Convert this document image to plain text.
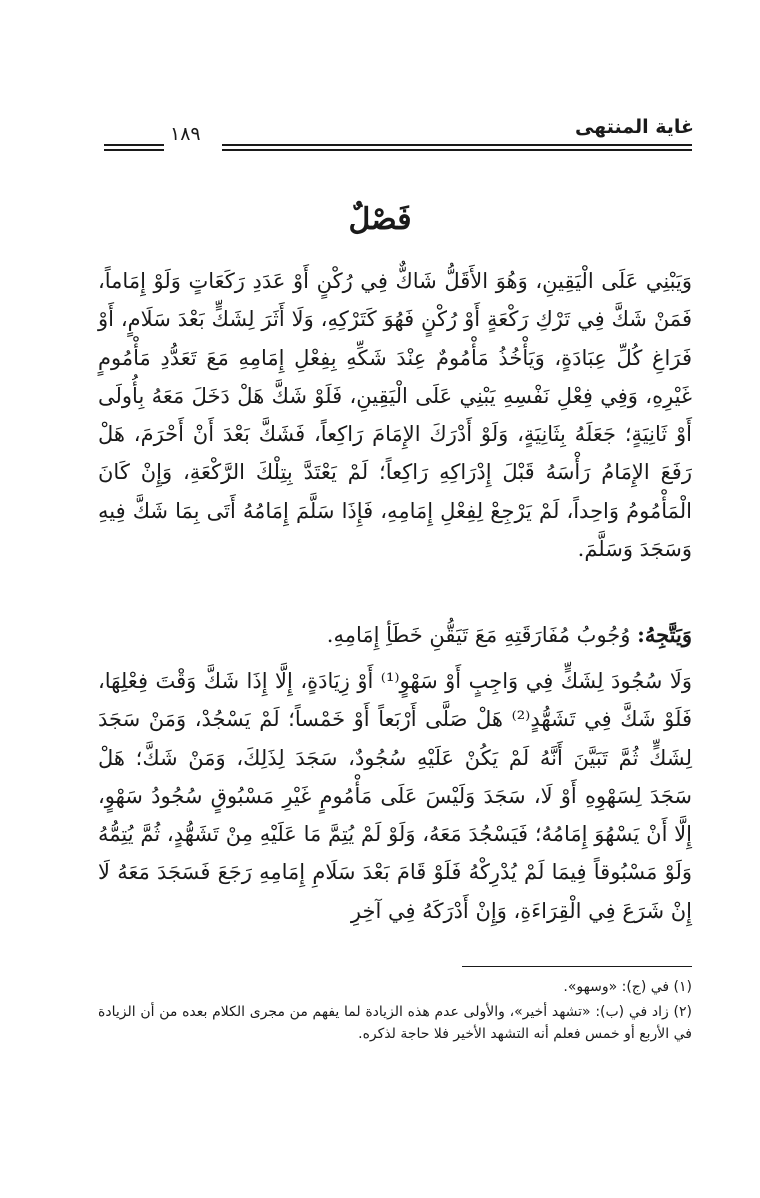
غاية المنتهى
١٨٩
فَصْلٌ
وَيَبْنِي عَلَى الْيَقِينِ، وَهُوَ الأَقَلُّ شَاكٌّ فِي رُكْنٍ أَوْ عَدَدِ رَكَعَاتٍ وَلَوْ إِمَاماً، فَمَنْ شَكَّ فِي تَرْكِ رَكْعَةٍ أَوْ رُكْنٍ فَهُوَ كَتَرْكِهِ، وَلَا أَثَرَ لِشَكٍّ بَعْدَ سَلَامٍ، أَوْ فَرَاغِ كُلِّ عِبَادَةٍ، وَيَأْخُذُ مَأْمُومٌ عِنْدَ شَكِّهِ بِفِعْلِ إِمَامِهِ مَعَ تَعَدُّدِ مَأْمُومٍ غَيْرِهِ، وَفِي فِعْلِ نَفْسِهِ يَبْنِي عَلَى الْيَقِينِ، فَلَوْ شَكَّ هَلْ دَخَلَ مَعَهُ بِأُولَى أَوْ ثَانِيَةٍ؛ جَعَلَهُ بِثَانِيَةٍ، وَلَوْ أَدْرَكَ الإِمَامَ رَاكِعاً، فَشَكَّ بَعْدَ أَنْ أَحْرَمَ، هَلْ رَفَعَ الإِمَامُ رَأْسَهُ قَبْلَ إِدْرَاكِهِ رَاكِعاً؛ لَمْ يَعْتَدَّ بِتِلْكَ الرَّكْعَةِ، وَإِنْ كَانَ الْمَأْمُومُ وَاحِداً، لَمْ يَرْجِعْ لِفِعْلِ إِمَامِهِ، فَإِذَا سَلَّمَ إِمَامُهُ أَتَى بِمَا شَكَّ فِيهِ وَسَجَدَ وَسَلَّمَ.
وَيَتَّجِهُ: وُجُوبُ مُفَارَقَتِهِ مَعَ تَيَقُّنِ خَطَأِ إِمَامِهِ.
وَلَا سُجُودَ لِشَكٍّ فِي وَاجِبٍ أَوْ سَهْوٍ⁽¹⁾ أَوْ زِيَادَةٍ، إِلَّا إِذَا شَكَّ وَقْتَ فِعْلِهَا، فَلَوْ شَكَّ فِي تَشَهُّدٍ⁽²⁾ هَلْ صَلَّى أَرْبَعاً أَوْ خَمْساً؛ لَمْ يَسْجُدْ، وَمَنْ سَجَدَ لِشَكٍّ ثُمَّ تَبَيَّنَ أَنَّهُ لَمْ يَكُنْ عَلَيْهِ سُجُودٌ، سَجَدَ لِذَلِكَ، وَمَنْ شَكَّ؛ هَلْ سَجَدَ لِسَهْوِهِ أَوْ لَا، سَجَدَ وَلَيْسَ عَلَى مَأْمُومٍ غَيْرِ مَسْبُوقٍ سُجُودُ سَهْوٍ، إِلَّا أَنْ يَسْهُوَ إِمَامُهُ؛ فَيَسْجُدَ مَعَهُ، وَلَوْ لَمْ يُتِمَّ مَا عَلَيْهِ مِنْ تَشَهُّدٍ، ثُمَّ يُتِمُّهُ وَلَوْ مَسْبُوقاً فِيمَا لَمْ يُدْرِكْهُ فَلَوْ قَامَ بَعْدَ سَلَامِ إِمَامِهِ رَجَعَ فَسَجَدَ مَعَهُ لَا إِنْ شَرَعَ فِي الْقِرَاءَةِ، وَإِنْ أَدْرَكَهُ فِي آخِرِ
(١) في (ج): «وسهو».
(٢) زاد في (ب): «تشهد أخير»، والأولى عدم هذه الزيادة لما يفهم من مجرى الكلام بعده من أن الزيادة في الأربع أو خمس فعلم أنه التشهد الأخير فلا حاجة لذكره.
